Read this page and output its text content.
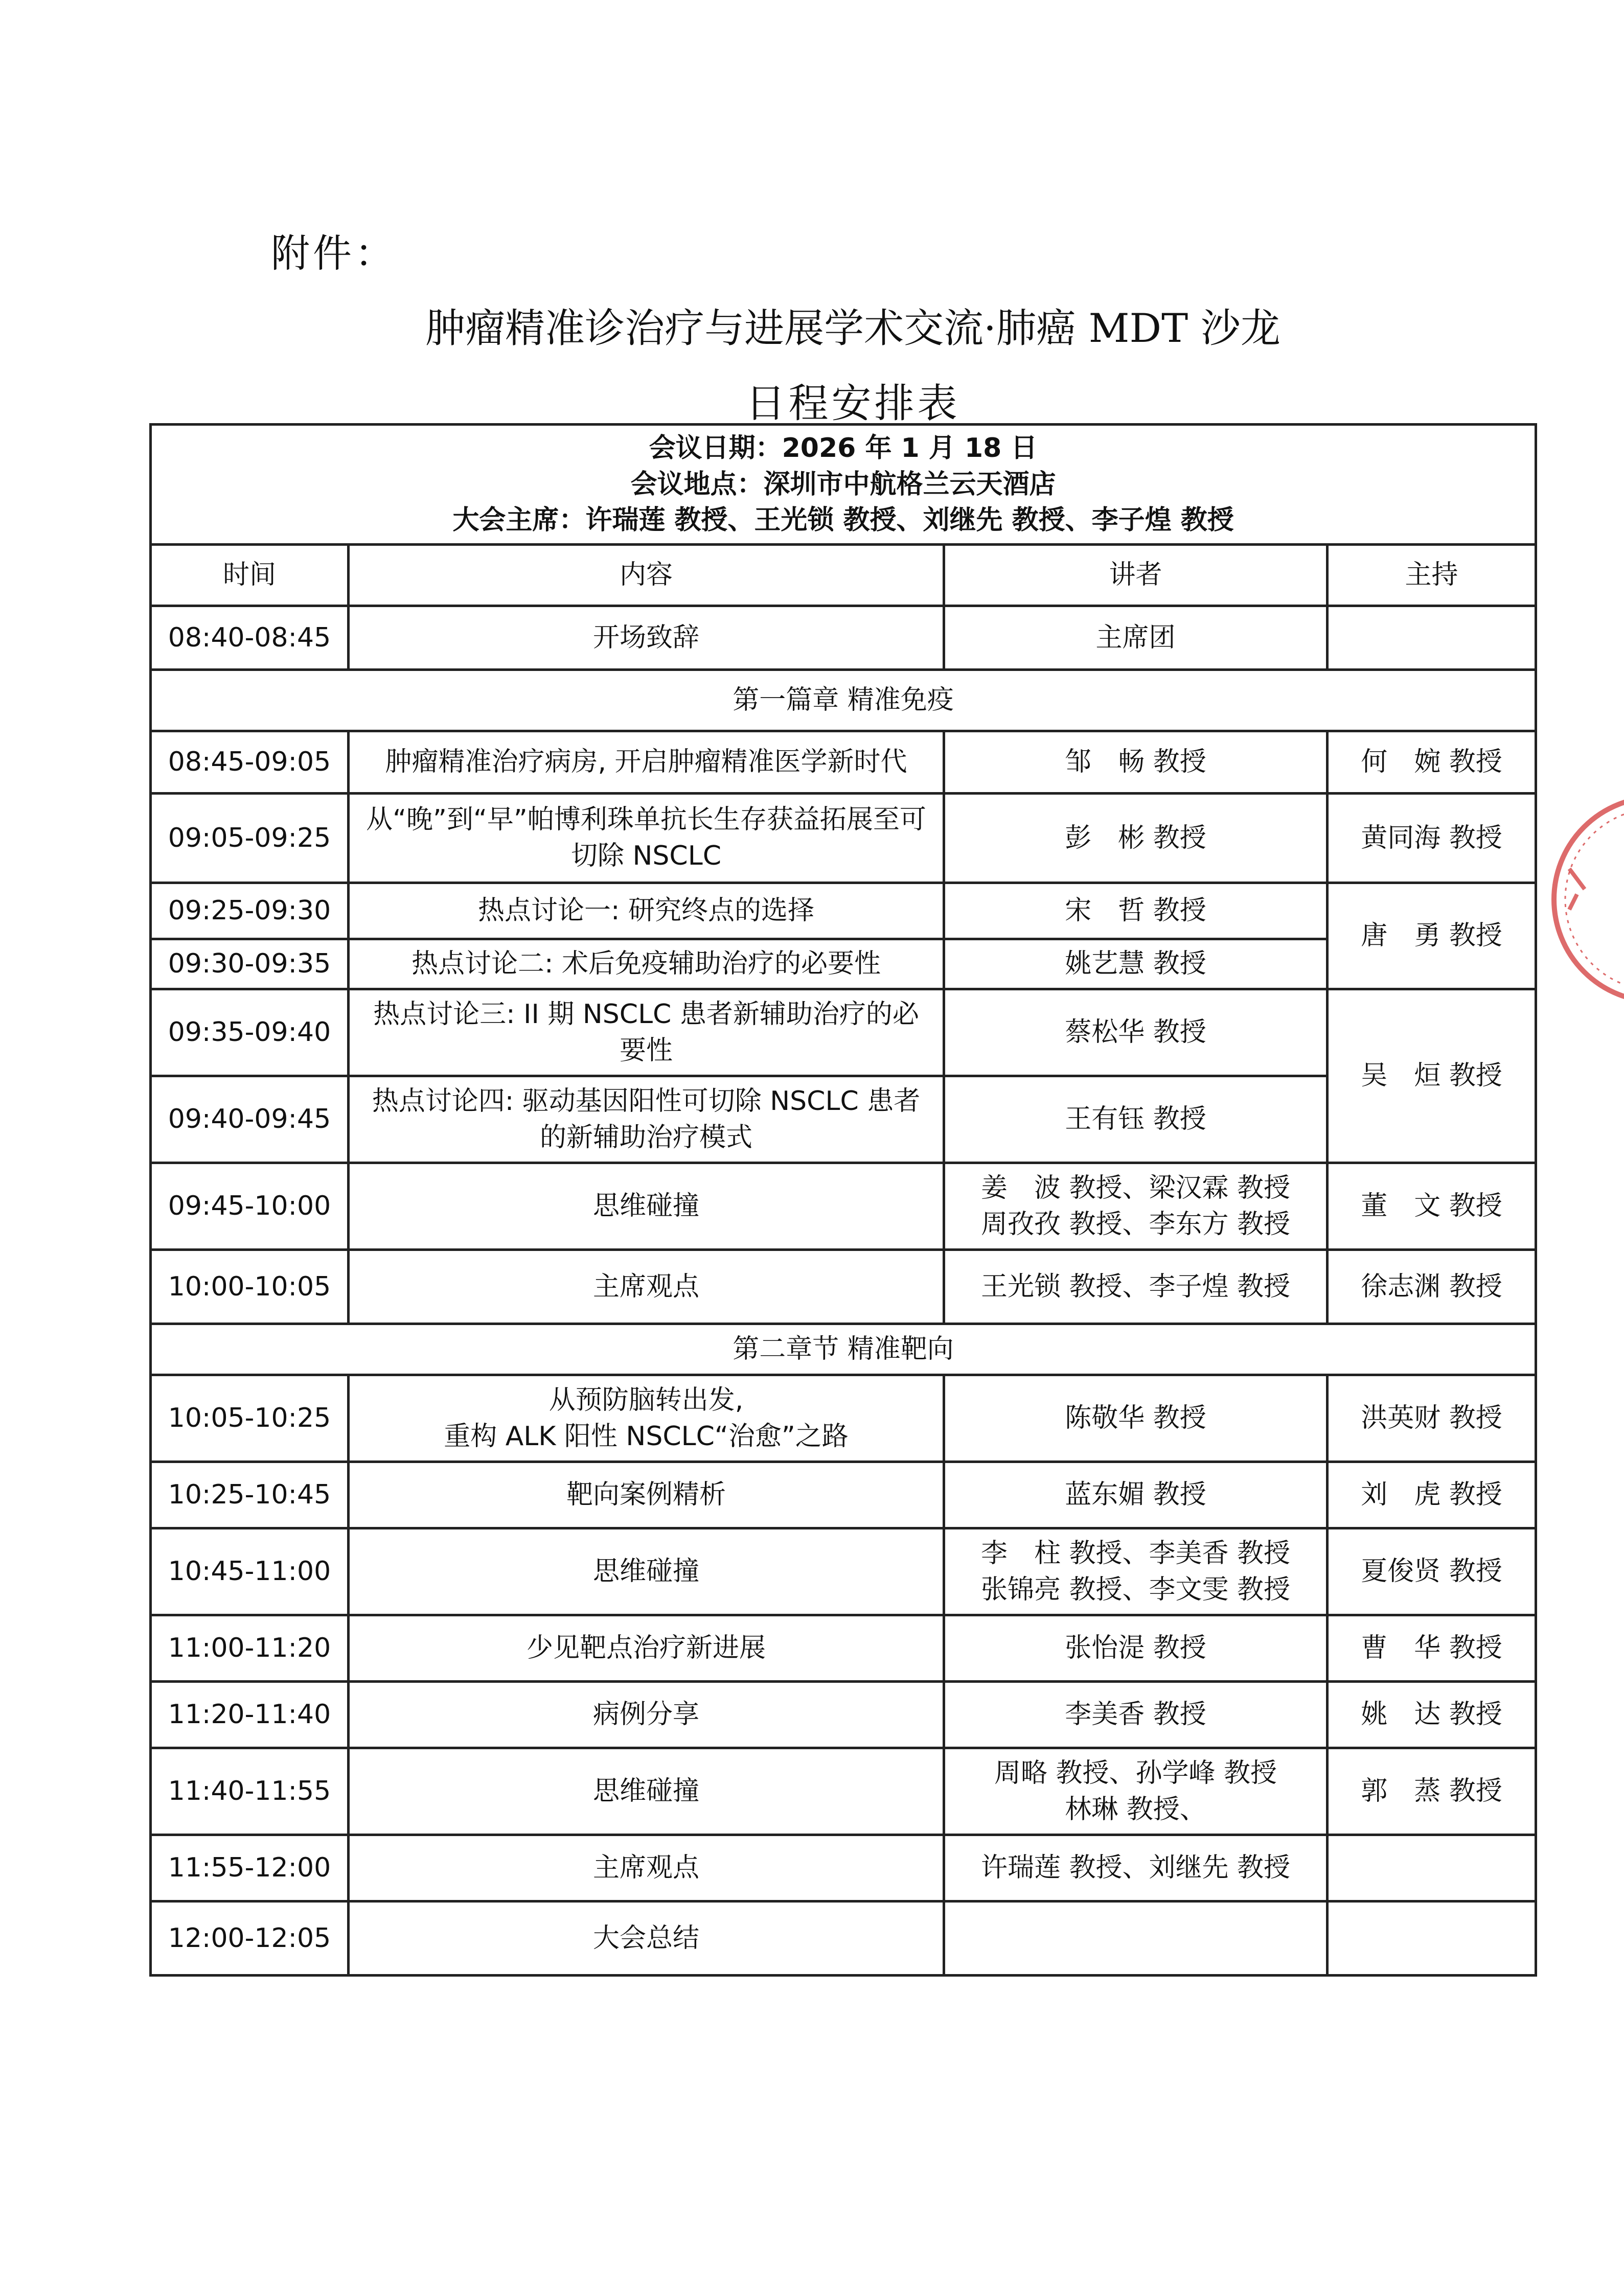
附件：
肿瘤精准诊治疗与进展学术交流·肺癌 MDT 沙龙
日程安排表
会议日期：2026 年 1 月 18 日
会议地点：深圳市中航格兰云天酒店
大会主席：许瑞莲 教授、王光锁 教授、刘继先 教授、李子煌 教授			

时间	内容	讲者	主持
08:40-08:45	开场致辞	主席团	
第一篇章 精准免疫			
08:45-09:05	肿瘤精准治疗病房, 开启肿瘤精准医学新时代	邹　畅 教授	何　婉 教授
09:05-09:25	从“晚”到“早”帕博利珠单抗长生存获益拓展至可切除 NSCLC	彭　彬 教授	黄同海 教授
09:25-09:30	热点讨论一: 研究终点的选择	宋　哲 教授	唐　勇 教授
09:30-09:35	热点讨论二: 术后免疫辅助治疗的必要性	姚艺慧 教授	
09:35-09:40	热点讨论三: II 期 NSCLC 患者新辅助治疗的必要性	蔡松华 教授	吴　烜 教授
09:40-09:45	热点讨论四: 驱动基因阳性可切除 NSCLC 患者的新辅助治疗模式	王有钰 教授	
09:45-10:00	思维碰撞	姜　波 教授、梁汉霖 教授
周孜孜 教授、李东方 教授	董　文 教授
10:00-10:05	主席观点	王光锁 教授、李子煌 教授	徐志渊 教授
第二章节 精准靶向			
10:05-10:25	从预防脑转出发,
重构 ALK 阳性 NSCLC“治愈”之路	陈敬华 教授	洪英财 教授
10:25-10:45	靶向案例精析	蓝东媚 教授	刘　虎 教授
10:45-11:00	思维碰撞	李　柱 教授、李美香 教授
张锦亮 教授、李文雯 教授	夏俊贤 教授
11:00-11:20	少见靶点治疗新进展	张怡湜 教授	曹　华 教授
11:20-11:40	病例分享	李美香 教授	姚　达 教授
11:40-11:55	思维碰撞	周略 教授、孙学峰 教授
林琳 教授、	郭　蒸 教授
11:55-12:00	主席观点	许瑞莲 教授、刘继先 教授	
12:00-12:05	大会总结		
